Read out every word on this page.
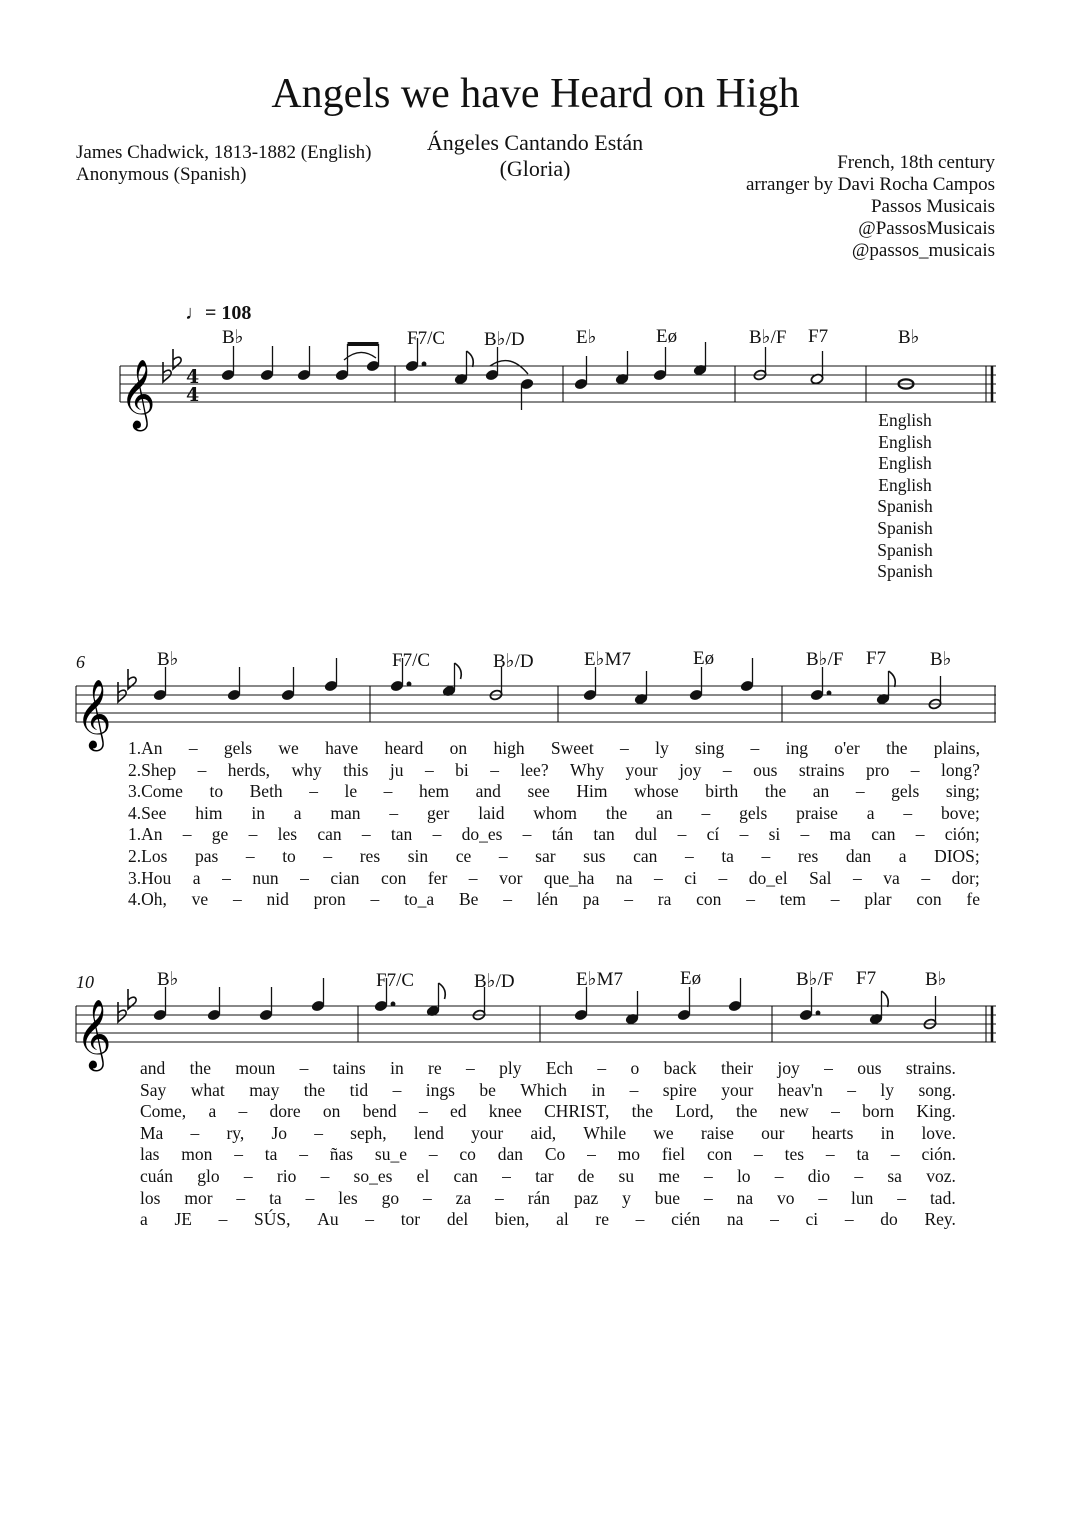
Angels we have Heard on High
James Chadwick, 1813-1882 (English)
Anonymous (Spanish)
Ángeles Cantando Están
(Gloria)	French, 18th century
arranger by Davi Rocha Campos
Passos Musicais
@PassosMusicais
@passos_musicais
♩= 108
6
10
B♭	F7/C B♭/D	E♭	Eø	B♭/F F7	B♭
B♭	F7/C	B♭/D	E♭M7	Eø	B♭/F F7 B♭
B♭	F7/C	B♭/D	E♭M7	Eø	B♭/F F7	B♭
English
English
English
English
Spanish
Spanish
Spanish
Spanish
1.An – gels we have heard on high Sweet – ly sing – ing o'er the plains,
2.Shep – herds, why this ju – bi – lee? Why your joy – ous strains pro – long?
3.Come to Beth – le – hem and see Him whose birth the an – gels sing;
4.See him in a man – ger laid whom the an – gels praise a – bove;
1.An – ge – les can – tan – do_es – tán tan dul – cí – si – ma can – ción;
2.Los pas – to – res sin ce – sar sus can – ta – res dan a DIOS;
3.Hou a – nun – cian con fer – vor que_ha na – ci – do_el Sal – va – dor;
4.Oh, ve – nid pron – to_a Be – lén pa – ra con – tem – plar con fe
and the moun – tains in re – ply Ech – o back their joy – ous strains.
Say what may the tid – ings be Which in – spire your heav'n – ly song.
Come, a – dore on bend – ed knee CHRIST, the Lord, the new – born King.
Ma – ry, Jo – seph, lend your aid, While we raise our hearts in love.
las mon – ta – ñas su_e – co dan Co – mo fiel con – tes – ta – ción.
cuán glo – rio – so_es el can – tar de su me – lo – dio – sa voz.
los mor – ta – les go – za – rán paz y bue – na vo – lun – tad.
a JE – SÚS, Au – tor del bien, al re – cién na – ci – do Rey.
𝄞 4
4
𝄞
𝄞
